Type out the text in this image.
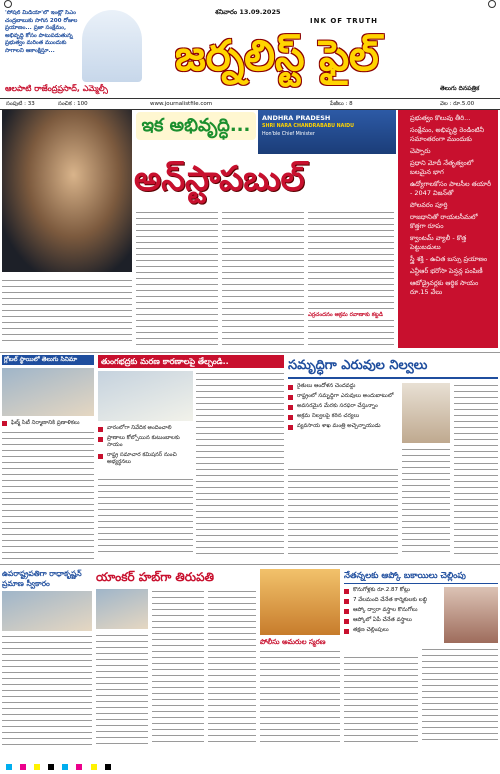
'సోషల్ మీడియా'లో ఇంట్లో సీఎం చంద్రబాబుకు సాగిన 200 రోజుల ప్రయాణం... ప్రజా సంక్షేమం, అభివృద్ధి కోసం పాటుపడుతున్న ప్రభుత్వం మరింత ముందుకు సాగాలని ఆకాంక్షిస్తూ...
ఆలపాటి రాజేంద్రప్రసాద్, ఎమ్మెల్సీ
శనివారం 13.09.2025
INK OF TRUTH
జర్నలిస్ట్ ఫైల్
తెలుగు దినపత్రిక
సంపుటి : 33	సంచిక : 100	www.journalistfile.com	పేజీలు : 8	వెల : రూ.5.00
ఇక అభివృద్ధి...	ANDHRA PRADESH
SHRI NARA CHANDRABABU NAIDU
Hon'ble Chief Minister
అన్‌స్టాపబుల్
ప్రభుత్వం కొలువు తీరి...
సంక్షేమం, అభివృద్ధి రెండింటినీ సమాంతరంగా ముందుకు
చెప్పారు
ప్రధాని మోదీ నేతృత్వంలో బలమైన భాగ
ఉద్యోగాలకోసం పాలసీల తయారీ - 2047 విజన్‌తో
పోలవరం పూర్తి
రాజధానితో రాయలసీమలో కొత్తగా రూపం
క్వాంటమ్ వ్యాలీ - కొత్త పెట్టుబడులు
స్త్రీ శక్తి - ఉచిత బస్సు ప్రయాణం
ఎన్టీఆర్ భరోసా పెన్షన్ల పంపిణీ
ఆటోడ్రైవర్లకు ఆర్థిక సాయం రూ.15 వేలు
ఎర్రచందనం అక్రమ రవాణాకు కట్టడి
గ్లోబల్ స్థాయిలో తెలుగు సినిమా
ఫిల్మ్ సిటీ నిర్మాణానికి ప్రణాళికలు
తుంగభద్రకు మరణ కారణాలపై తేల్చండి..
వారంలోగా నివేదిక అందించాలి
ప్రాణాలు కోల్పోయిన కుటుంబాలకు సాయం
రాష్ట్ర సమాచార కమిషనర్ నుంచి అభ్యర్థనలు
సమృద్ధిగా ఎరువుల నిల్వలు
రైతులు ఆందోళన చెందవద్దు
రాష్ట్రంలో సమృద్ధిగా ఎరువులు అందుబాటులో
అవసరమైన మేరకు సరఫరా చేస్తున్నాం
అక్రమ నిల్వలపై కఠిన చర్యలు
వ్యవసాయ శాఖ మంత్రి అచ్చెన్నాయుడు
ఉపరాష్ట్రపతిగా రాధాకృష్ణన్ ప్రమాణ స్వీకారం	యాంకర్ హబ్‌గా తిరుపతి
పోలీసు అమరుల స్మరణ
నేతన్నలకు ఆప్కో బకాయిలు చెల్లింపు
కొనుగోళ్లకు రూ.2.87 కోట్లు
7 వేలమంది చేనేత కార్మికులకు లబ్ధి
ఆప్కో ద్వారా వస్త్రాల కొనుగోలు
ఆప్కోలో ఏపీ చేనేత వస్త్రాలు
తక్షణ చెల్లింపులు
